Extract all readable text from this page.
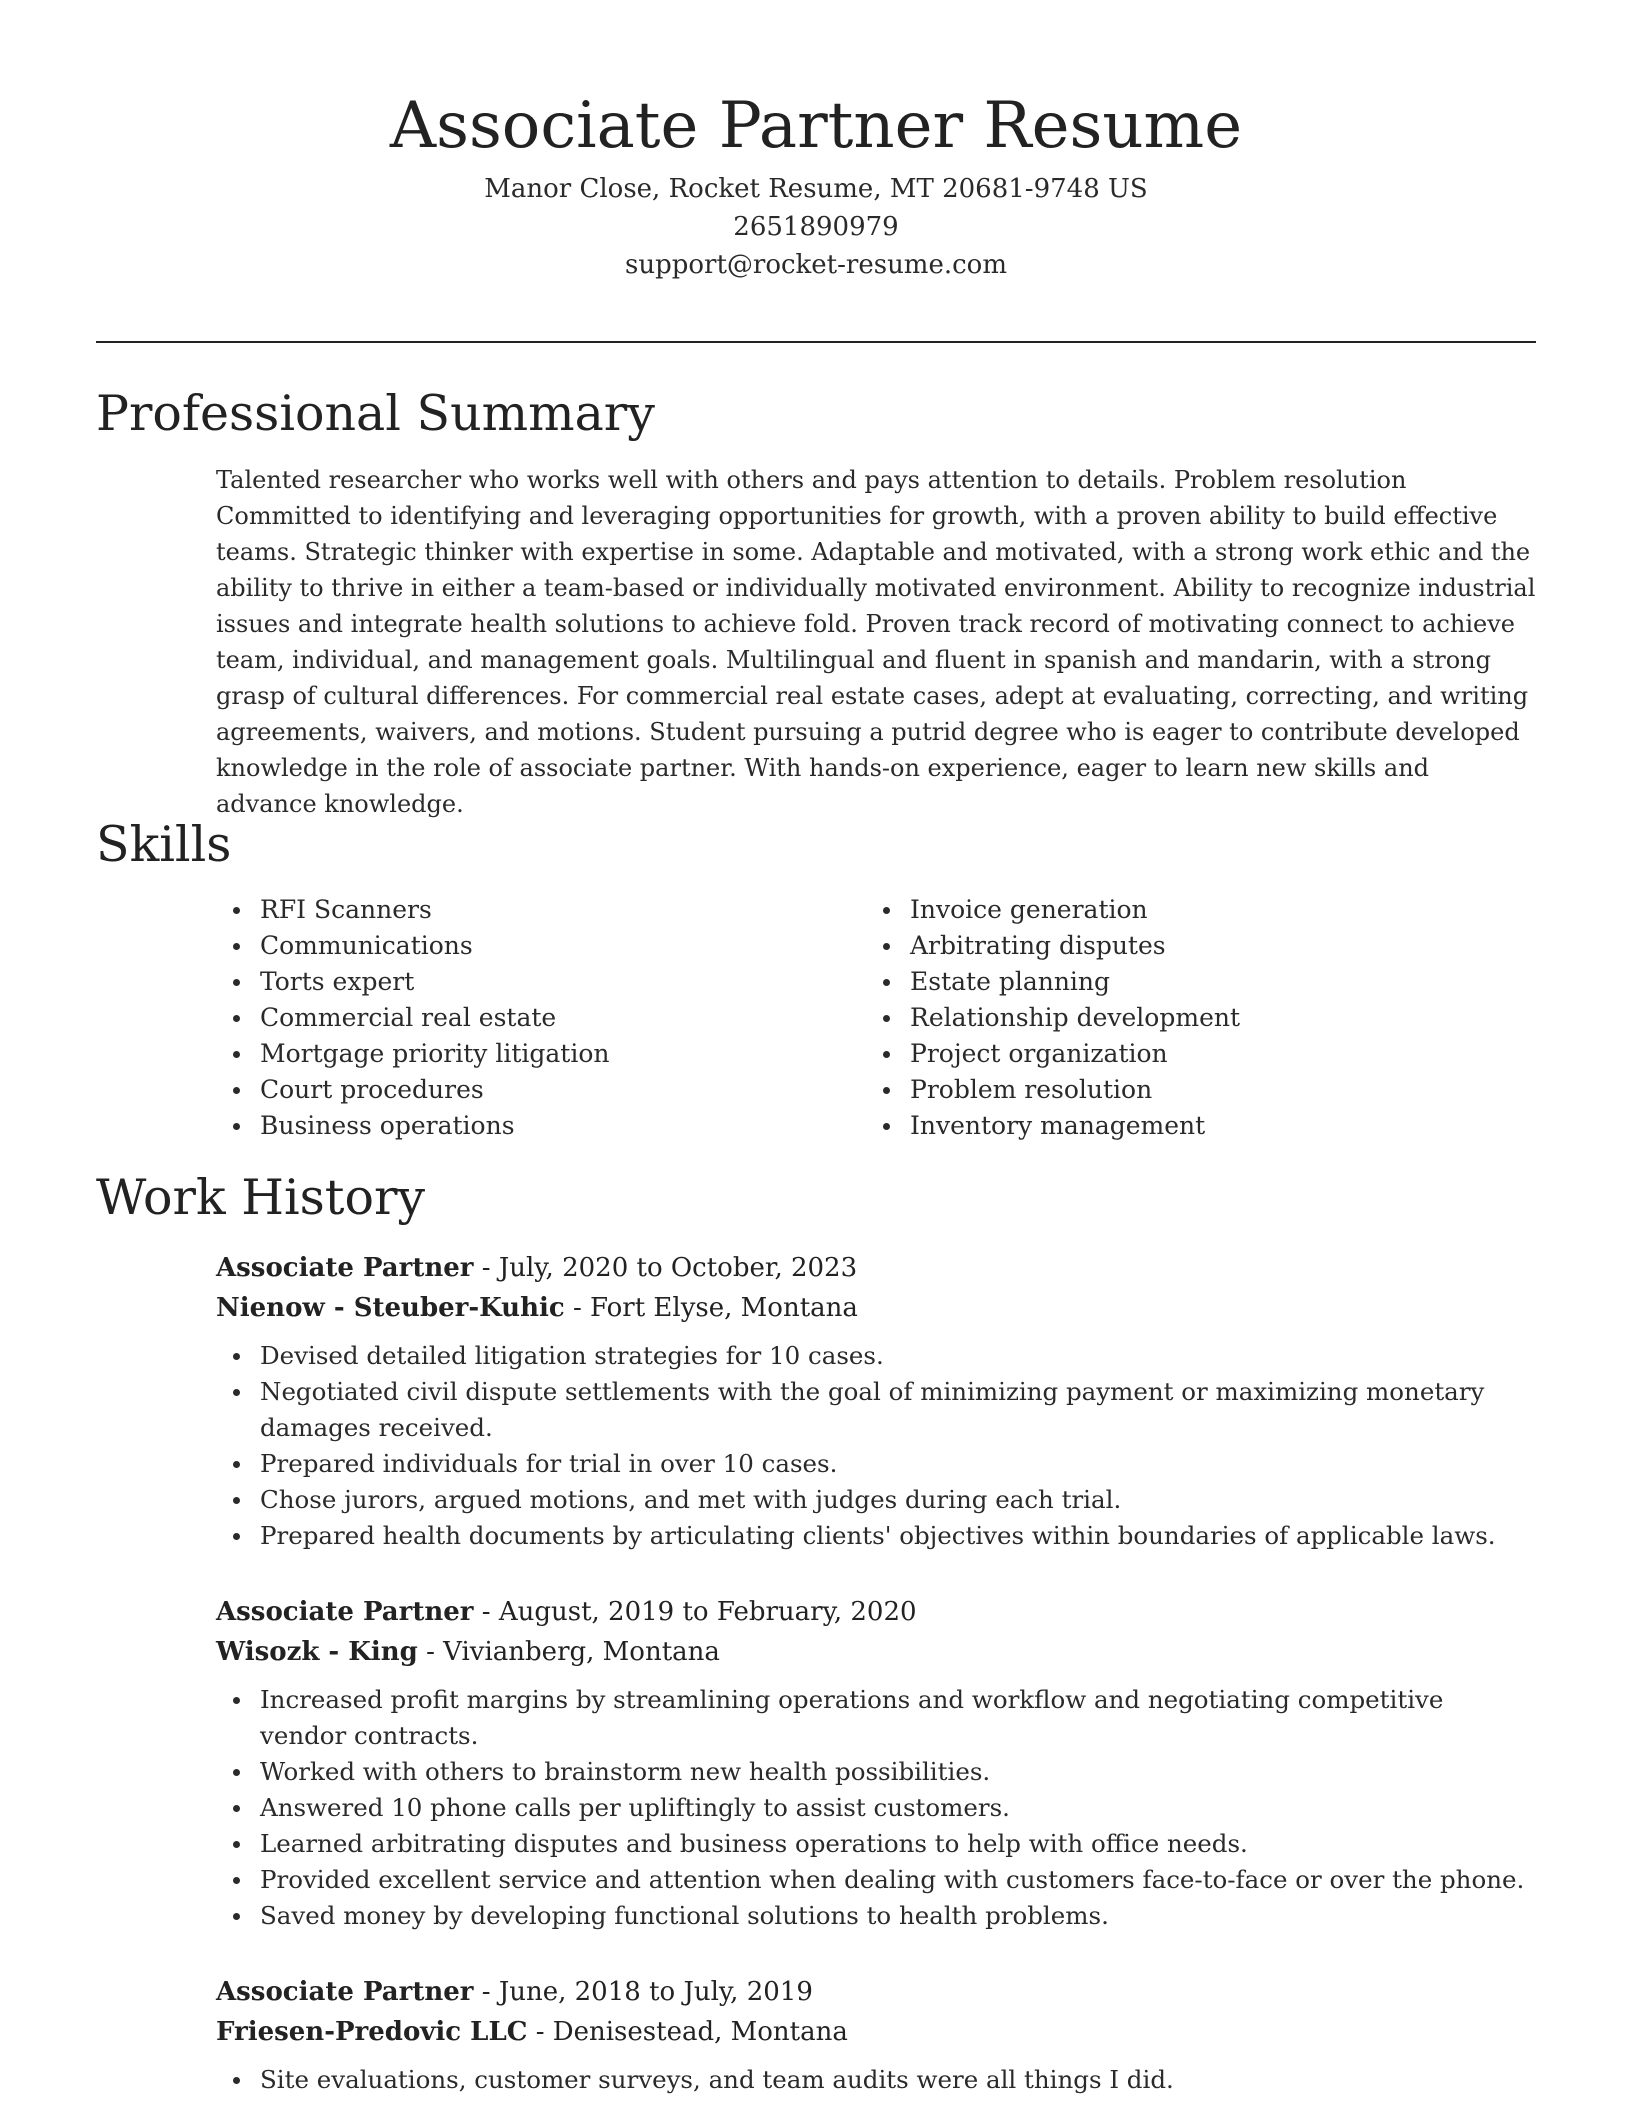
Associate Partner Resume

Manor Close, Rocket Resume, MT 20681-9748 US

2651890979

support@rocket-resume.com

Professional Summary

Talented researcher who works well with others and pays attention to details. Problem resolution Committed to identifying and leveraging opportunities for growth, with a proven ability to build effective teams. Strategic thinker with expertise in some. Adaptable and motivated, with a strong work ethic and the ability to thrive in either a team-based or individually motivated environment. Ability to recognize industrial issues and integrate health solutions to achieve fold. Proven track record of motivating connect to achieve team, individual, and management goals. Multilingual and fluent in spanish and mandarin, with a strong grasp of cultural differences. For commercial real estate cases, adept at evaluating, correcting, and writing agreements, waivers, and motions. Student pursuing a putrid degree who is eager to contribute developed knowledge in the role of associate partner. With hands-on experience, eager to learn new skills and advance knowledge.

Skills
RFI Scanners
Communications
Torts expert
Commercial real estate
Mortgage priority litigation
Court procedures
Business operations
Invoice generation
Arbitrating disputes
Estate planning
Relationship development
Project organization
Problem resolution
Inventory management
Work History

Associate Partner - July, 2020 to October, 2023

Nienow - Steuber-Kuhic - Fort Elyse, Montana

Devised detailed litigation strategies for 10 cases.
Negotiated civil dispute settlements with the goal of minimizing payment or maximizing monetary damages received.
Prepared individuals for trial in over 10 cases.
Chose jurors, argued motions, and met with judges during each trial.
Prepared health documents by articulating clients' objectives within boundaries of applicable laws.

Associate Partner - August, 2019 to February, 2020

Wisozk - King - Vivianberg, Montana

Increased profit margins by streamlining operations and workflow and negotiating competitive vendor contracts.
Worked with others to brainstorm new health possibilities.
Answered 10 phone calls per upliftingly to assist customers.
Learned arbitrating disputes and business operations to help with office needs.
Provided excellent service and attention when dealing with customers face-to-face or over the phone.
Saved money by developing functional solutions to health problems.

Associate Partner - June, 2018 to July, 2019

Friesen-Predovic LLC - Denisestead, Montana

Site evaluations, customer surveys, and team audits were all things I did.
